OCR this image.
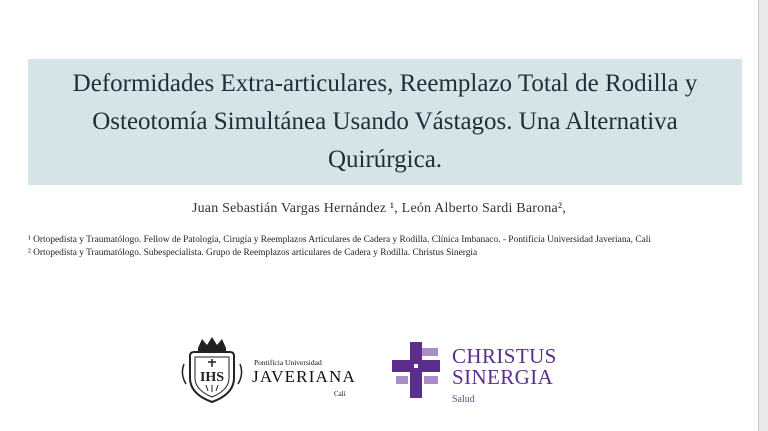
Deformidades Extra-articulares, Reemplazo Total de Rodilla y Osteotomía Simultánea Usando Vástagos. Una Alternativa Quirúrgica.
Juan Sebastián Vargas Hernández ¹, León Alberto Sardi Barona²,

¹ Ortopedista y Traumatólogo. Fellow de Patología, Cirugía y Reemplazos Articulares de Cadera y Rodilla. Clínica Imbanaco. - Pontificia Universidad Javeriana, Cali

² Ortopedista y Traumatólogo. Subespecialista. Grupo de Reemplazos articulares de Cadera y Rodilla. Christus Sinergia

IHS
Pontificia Universidad
JAVERIANA
Cali
CHRISTUS
SINERGIA
Salud
